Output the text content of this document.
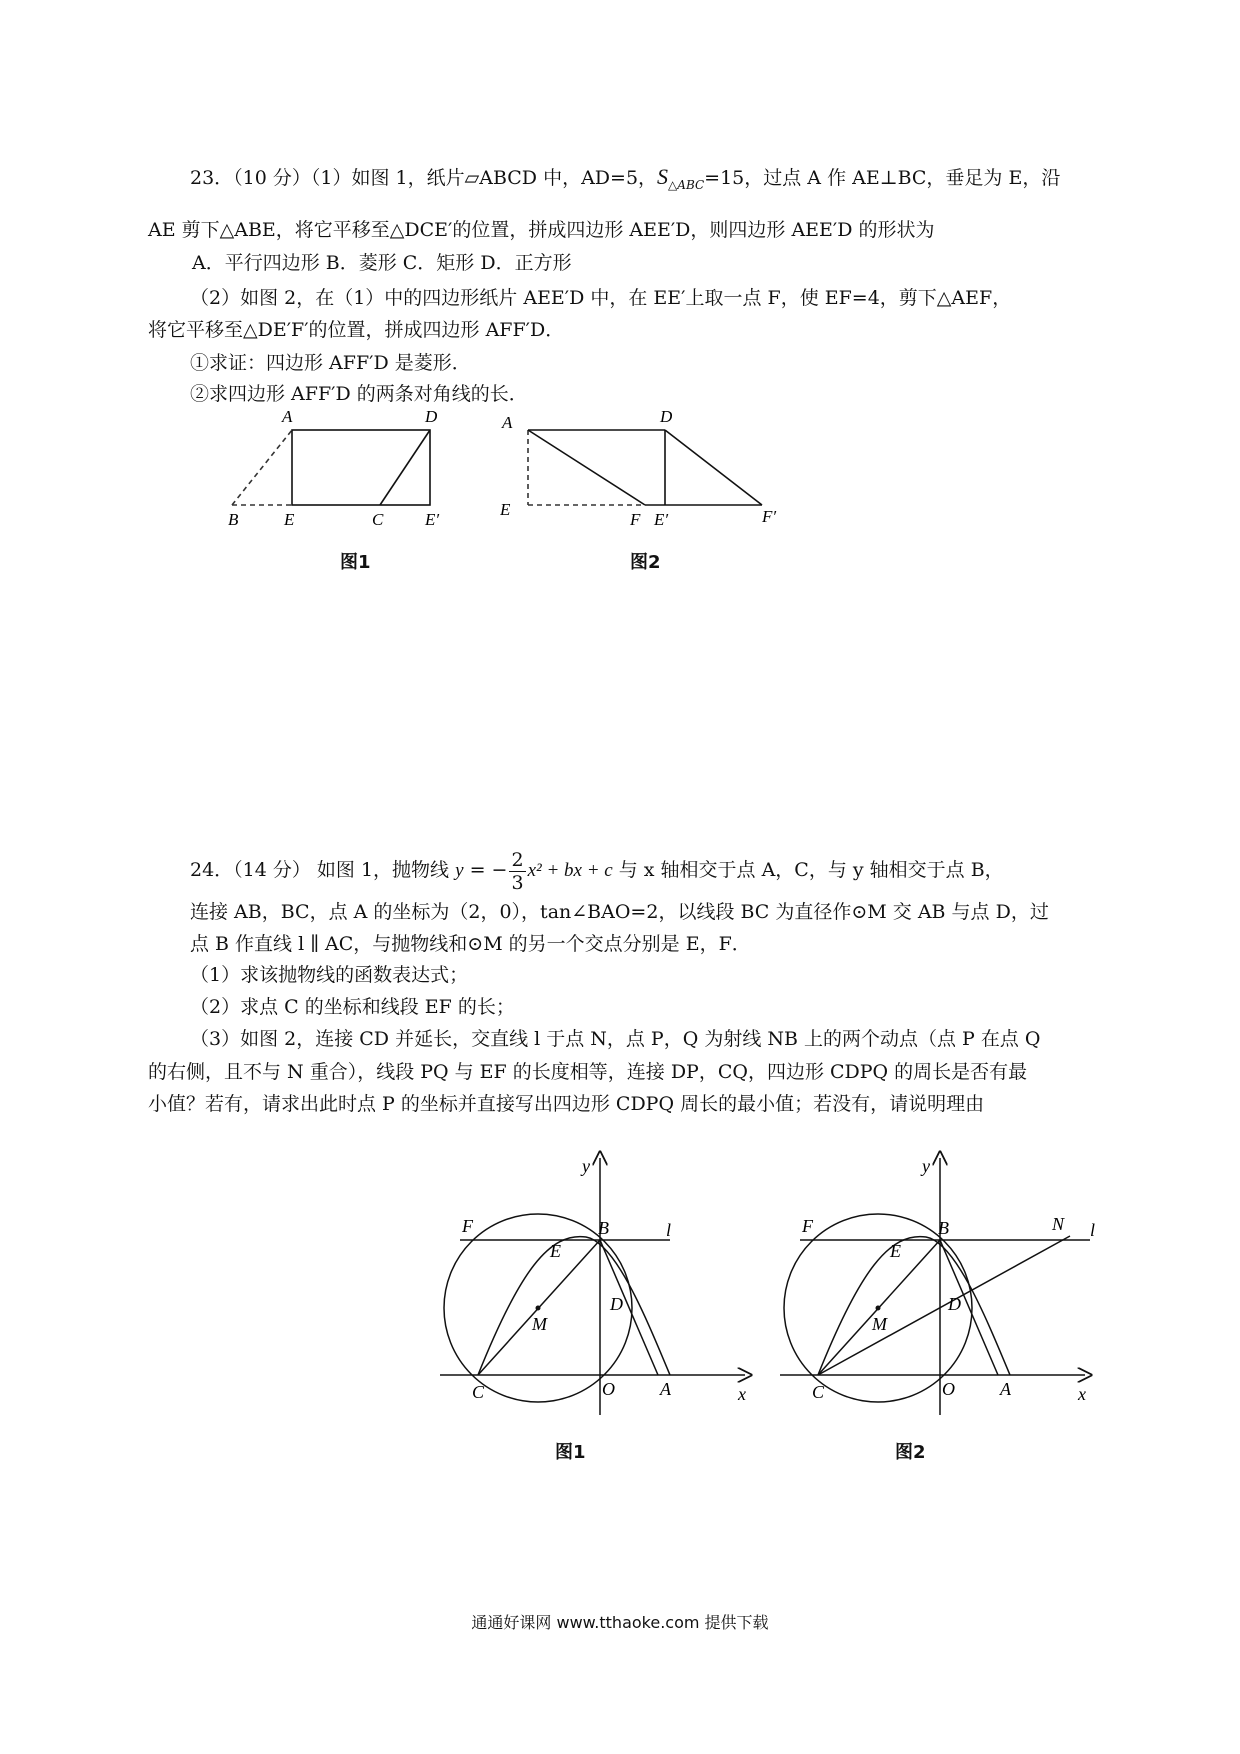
23．（10 分）（1）如图 1，纸片▱ABCD 中，AD=5，$S_{\triangle ABC}=15$，过点 A 作 AE⊥BC，垂足为 E，沿
AE 剪下△ABE，将它平移至△DCE′的位置，拼成四边形 AEE′D，则四边形 AEE′D 的形状为
A．平行四边形 B．菱形 C．矩形 D．正方形
（2）如图 2，在（1）中的四边形纸片 AEE′D 中，在 EE′上取一点 F，使 EF=4，剪下△AEF，
将它平移至△DE′F′的位置，拼成四边形 AFF′D．
①求证：四边形 AFF′D 是菱形．
②求四边形 AFF′D 的两条对角线的长．
A	D
B	E	C E′
图1
A	D
E
F E′	F′
图2
24．（14 分） 如图 1，抛物线 y = − $\frac{2}{3} x^2$ + bx + c 与 x 轴相交于点 A，C，与 y 轴相交于点 B，
连接 AB，BC，点 A 的坐标为（2，0），tan∠BAO=2，以线段 BC 为直径作⊙M 交 AB 与点 D，过
点 B 作直线 l ∥ AC，与抛物线和⊙M 的另一个交点分别是 E，F．
（1）求该抛物线的函数表达式；
（2）求点 C 的坐标和线段 EF 的长；
（3）如图 2，连接 CD 并延长，交直线 l 于点 N，点 P，Q 为射线 NB 上的两个动点（点 P 在点 Q
的右侧，且不与 N 重合），线段 PQ 与 EF 的长度相等，连接 DP，CQ，四边形 CDPQ 的周长是否有最
小值？若有，请求出此时点 P 的坐标并直接写出四边形 CDPQ 周长的最小值；若没有，请说明理由
y
x
F	B	l
E
D
M
C	O	A
图1
y
x
F	B	N l
E
D
M
C	O	A
图2
通通好课网 www.tthaoke.com 提供下载
